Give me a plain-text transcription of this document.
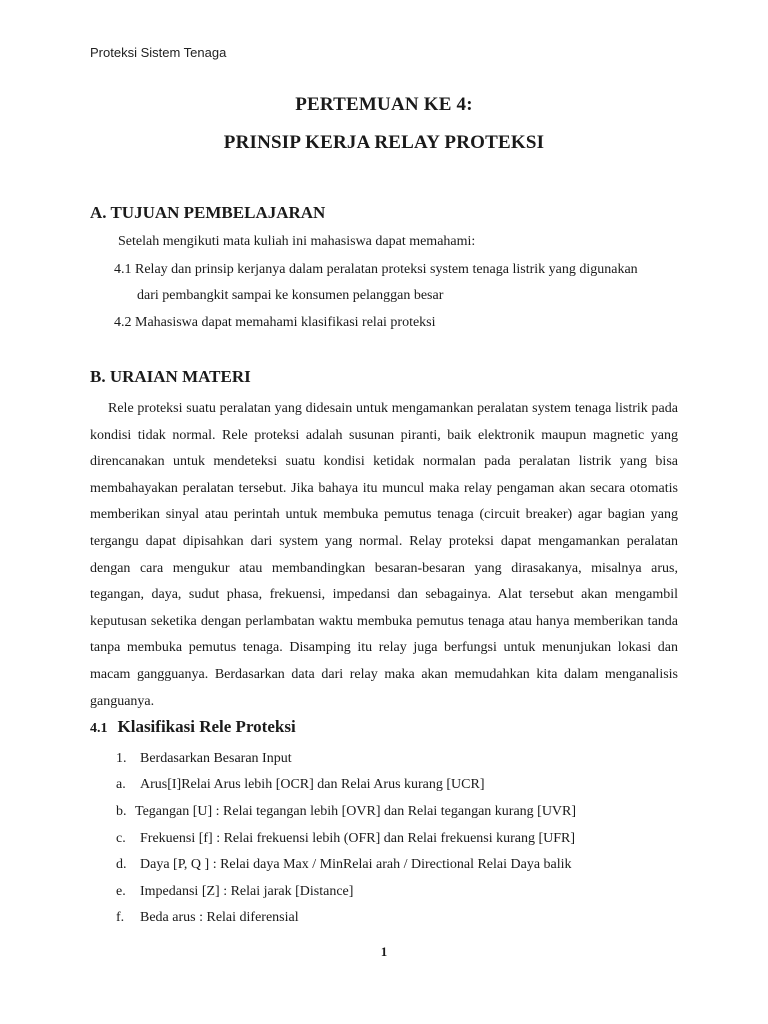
Proteksi Sistem Tenaga
PERTEMUAN KE 4:
PRINSIP KERJA RELAY PROTEKSI
A. TUJUAN PEMBELAJARAN
Setelah mengikuti mata kuliah ini mahasiswa dapat memahami:
4.1 Relay dan prinsip kerjanya dalam peralatan proteksi system tenaga listrik yang digunakan
dari pembangkit sampai ke konsumen pelanggan besar
4.2 Mahasiswa dapat memahami klasifikasi relai proteksi
B. URAIAN MATERI
Rele proteksi suatu peralatan yang didesain untuk mengamankan peralatan system tenaga listrik pada kondisi tidak normal. Rele proteksi adalah susunan piranti, baik elektronik maupun magnetic yang direncanakan untuk mendeteksi suatu kondisi ketidak normalan pada peralatan listrik yang bisa membahayakan peralatan tersebut. Jika bahaya itu muncul maka relay pengaman akan secara otomatis memberikan sinyal atau perintah untuk membuka pemutus tenaga (circuit breaker) agar bagian yang tergangu dapat dipisahkan dari system yang normal. Relay proteksi dapat mengamankan peralatan dengan cara mengukur atau membandingkan besaran-besaran yang dirasakanya, misalnya arus, tegangan, daya, sudut phasa, frekuensi, impedansi dan sebagainya. Alat tersebut akan mengambil keputusan seketika dengan perlambatan waktu membuka pemutus tenaga atau hanya memberikan tanda tanpa membuka pemutus tenaga. Disamping itu relay juga berfungsi untuk menunjukan lokasi dan macam gangguanya. Berdasarkan data dari relay maka akan memudahkan kita dalam menganalisis ganguanya.
4.1 Klasifikasi Rele Proteksi
1. Berdasarkan Besaran Input
a. Arus[I]Relai Arus lebih [OCR] dan Relai Arus kurang [UCR]
b. Tegangan [U] : Relai tegangan lebih [OVR] dan Relai tegangan kurang [UVR]
c. Frekuensi [f] : Relai frekuensi lebih (OFR] dan Relai frekuensi kurang [UFR]
d. Daya [P, Q ] : Relai daya Max / MinRelai arah / Directional Relai Daya balik
e. Impedansi [Z] : Relai jarak [Distance]
f. Beda arus : Relai diferensial
1
